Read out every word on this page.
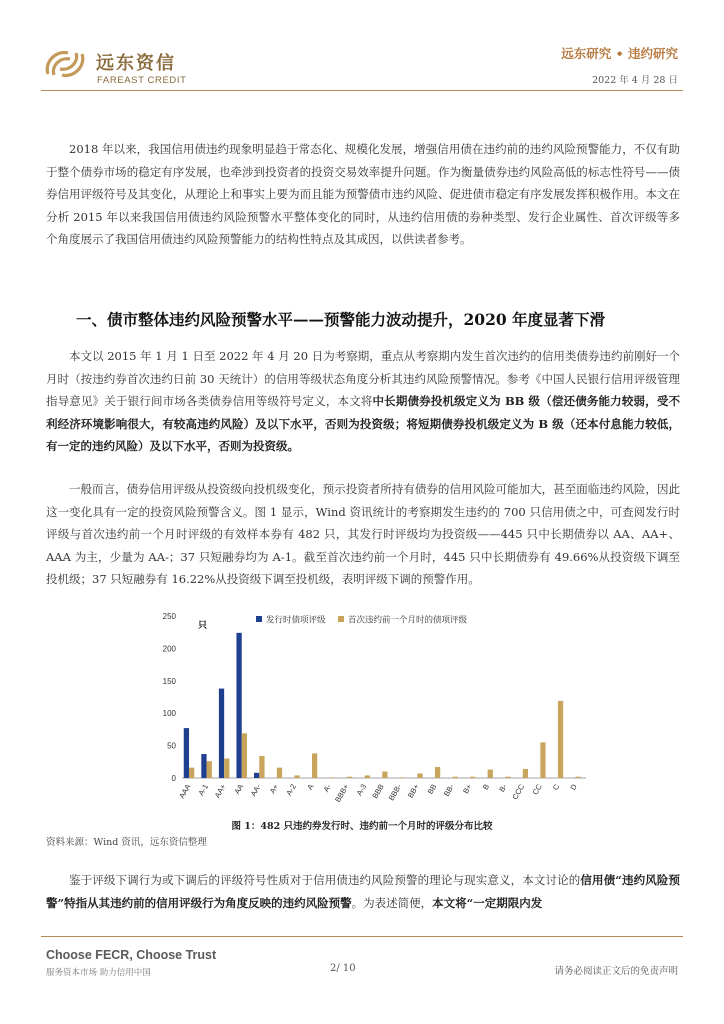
远东资信
FAREAST CREDIT
远东研究 • 违约研究
2022 年 4 月 28 日
2018 年以来，我国信用债违约现象明显趋于常态化、规模化发展，增强信用债在违约前的违约风险预警能力，不仅有助于整个债券市场的稳定有序发展，也牵涉到投资者的投资交易效率提升问题。作为衡量债券违约风险高低的标志性符号——债券信用评级符号及其变化，从理论上和事实上要为而且能为预警债市违约风险、促进债市稳定有序发展发挥积极作用。本文在分析 2015 年以来我国信用债违约风险预警水平整体变化的同时，从违约信用债的券种类型、发行企业属性、首次评级等多个角度展示了我国信用债违约风险预警能力的结构性特点及其成因，以供读者参考。
一、债市整体违约风险预警水平——预警能力波动提升，2020 年度显著下滑
本文以 2015 年 1 月 1 日至 2022 年 4 月 20 日为考察期，重点从考察期内发生首次违约的信用类债券违约前刚好一个月时（按违约券首次违约日前 30 天统计）的信用等级状态角度分析其违约风险预警情况。参考《中国人民银行信用评级管理指导意见》关于银行间市场各类债券信用等级符号定义，本文将中长期债券投机级定义为 BB 级（偿还债务能力较弱，受不利经济环境影响很大，有较高违约风险）及以下水平，否则为投资级；将短期债券投机级定义为 B 级（还本付息能力较低，有一定的违约风险）及以下水平，否则为投资级。
一般而言，债券信用评级从投资级向投机级变化，预示投资者所持有债券的信用风险可能加大，甚至面临违约风险，因此这一变化具有一定的投资风险预警含义。图 1 显示，Wind 资讯统计的考察期发生违约的 700 只信用债之中，可查阅发行时评级与首次违约前一个月时评级的有效样本券有 482 只，其发行时评级均为投资级——445 只中长期债券以 AA、AA+、AAA 为主，少量为 AA-；37 只短融券均为 A-1。截至首次违约前一个月时，445 只中长期债券有 49.66%从投资级下调至投机级；37 只短融券有 16.22%从投资级下调至投机级，表明评级下调的预警作用。
0
50
100
150
200
250
只
AAA A-1 AA+ AA AA- A+ A-2 A A- BBB+ A-3 BBB BBB- BB+ BB BB- B+ B B- CCC CC C D
发行时债项评级	首次违约前一个月时的债项评级
图 1：482 只违约券发行时、违约前一个月时的评级分布比较
资料来源：Wind 资讯，远东资信整理
鉴于评级下调行为或下调后的评级符号性质对于信用债违约风险预警的理论与现实意义，本文讨论的信用债“违约风险预警”特指从其违约前的信用评级行为角度反映的违约风险预警。为表述简便，本文将“一定期限内发
Choose FECR, Choose Trust
服务资本市场 助力信用中国	2/ 10	请务必阅读正文后的免责声明
